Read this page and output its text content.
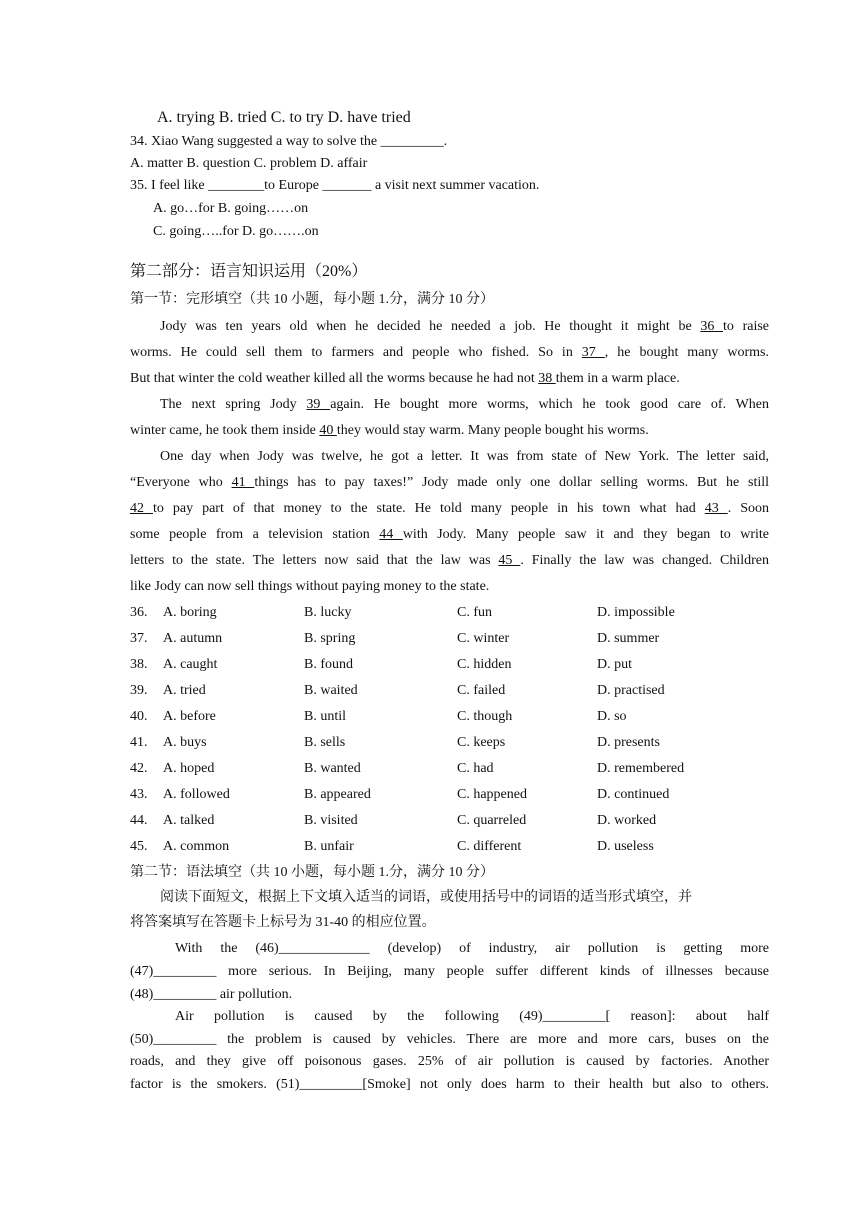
A. trying B. tried C. to try D. have tried
34. Xiao Wang suggested a way to solve the _________.
A. matter B. question C. problem D. affair
35. I feel like ________to Europe _______ a visit next summer vacation.
A. go…for B. going……on
C. going…..for D. go…….on
第二部分：语言知识运用（20%）
第一节：完形填空（共 10 小题，每小题 1.分，满分 10 分）
Jody was ten years old when he decided he needed a job. He thought it might be 36 to raise
worms. He could sell them to farmers and people who fished. So in 37 , he bought many worms.
But that winter the cold weather killed all the worms because he had not 38 them in a warm place.
The next spring Jody 39 again. He bought more worms, which he took good care of. When
winter came, he took them inside 40 they would stay warm. Many people bought his worms.
One day when Jody was twelve, he got a letter. It was from state of New York. The letter said,
“Everyone who 41 things has to pay taxes!” Jody made only one dollar selling worms. But he still
42 to pay part of that money to the state. He told many people in his town what had 43 . Soon
some people from a television station 44 with Jody. Many people saw it and they began to write
letters to the state. The letters now said that the law was 45 . Finally the law was changed. Children
like Jody can now sell things without paying money to the state.
36. A. boring	B. lucky	C. fun	D. impossible
37. A. autumn	B. spring	C. winter	D. summer
38. A. caught	B. found	C. hidden	D. put
39. A. tried	B. waited	C. failed	D. practised
40. A. before	B. until	C. though	D. so
41. A. buys	B. sells	C. keeps	D. presents
42. A. hoped	B. wanted	C. had	D. remembered
43. A. followed	B. appeared	C. happened	D. continued
44. A. talked	B. visited	C. quarreled	D. worked
45. A. common	B. unfair	C. different	D. useless
第二节：语法填空（共 10 小题，每小题 1.分，满分 10 分）
阅读下面短文，根据上下文填入适当的词语，或使用括号中的词语的适当形式填空，并
将答案填写在答题卡上标号为 31-40 的相应位置。
With the (46)_____________ (develop) of industry, air pollution is getting more
(47)_________ more serious. In Beijing, many people suffer different kinds of illnesses because
(48)_________ air pollution.
Air pollution is caused by the following (49)_________[ reason]: about half
(50)_________ the problem is caused by vehicles. There are more and more cars, buses on the
roads, and they give off poisonous gases. 25% of air pollution is caused by factories. Another
factor is the smokers. (51)_________[Smoke] not only does harm to their health but also to others.
